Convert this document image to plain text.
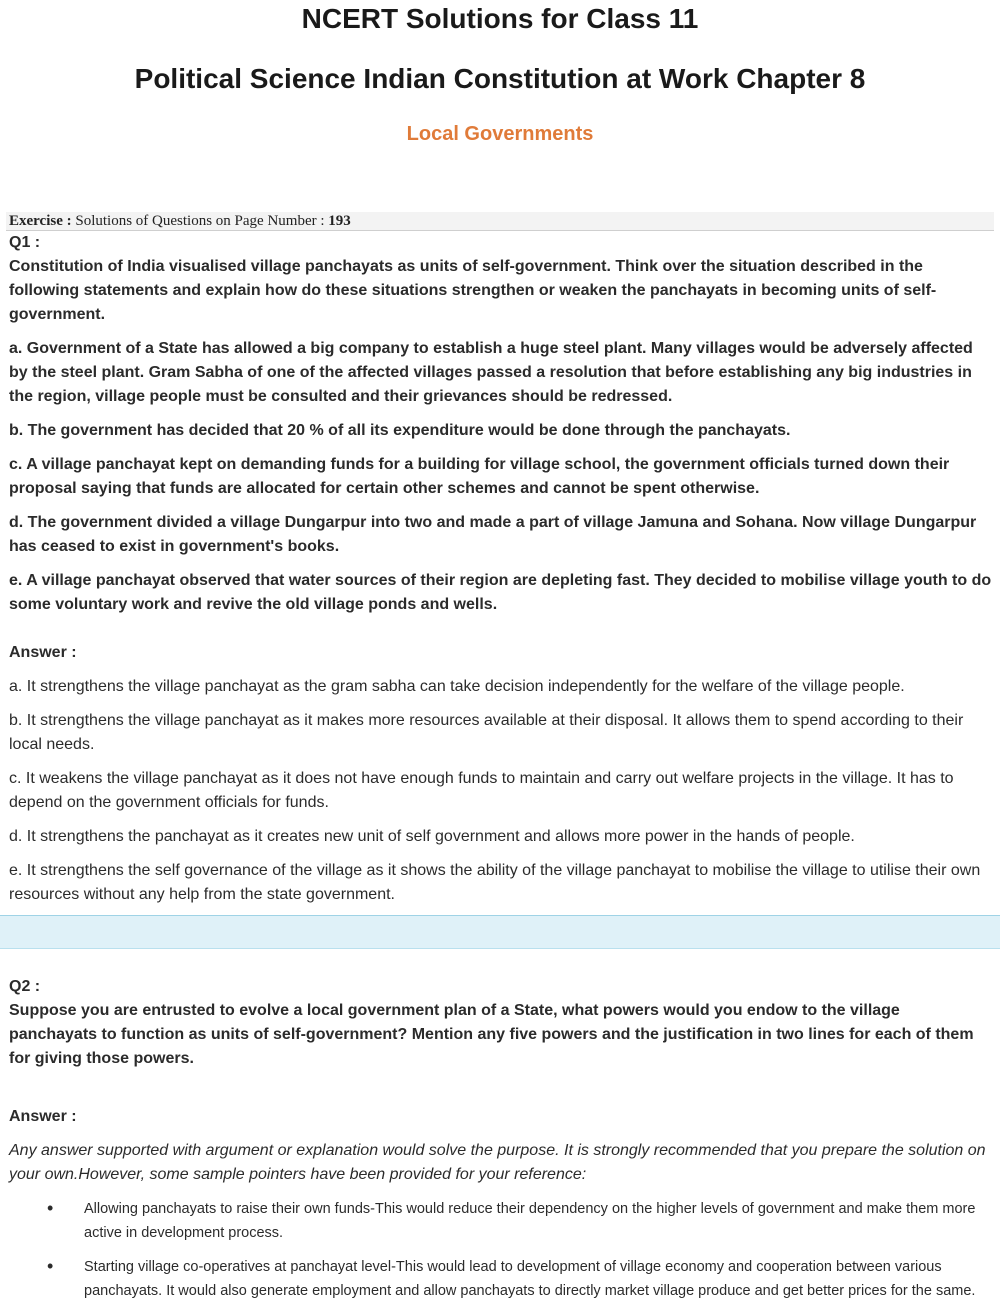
NCERT Solutions for Class 11
Political Science Indian Constitution at Work Chapter 8
Local Governments
Exercise : Solutions of Questions on Page Number : 193
Q1 :

Constitution of India visualised village panchayats as units of self-government. Think over the situation described in the following statements and explain how do these situations strengthen or weaken the panchayats in becoming units of self-government.

a. Government of a State has allowed a big company to establish a huge steel plant. Many villages would be adversely affected by the steel plant. Gram Sabha of one of the affected villages passed a resolution that before establishing any big industries in the region, village people must be consulted and their grievances should be redressed.

b. The government has decided that 20 % of all its expenditure would be done through the panchayats.

c. A village panchayat kept on demanding funds for a building for village school, the government officials turned down their proposal saying that funds are allocated for certain other schemes and cannot be spent otherwise.

d. The government divided a village Dungarpur into two and made a part of village Jamuna and Sohana. Now village Dungarpur has ceased to exist in government's books.

e. A village panchayat observed that water sources of their region are depleting fast. They decided to mobilise village youth to do some voluntary work and revive the old village ponds and wells.

Answer :

a. It strengthens the village panchayat as the gram sabha can take decision independently for the welfare of the village people.

b. It strengthens the village panchayat as it makes more resources available at their disposal. It allows them to spend according to their local needs.

c. It weakens the village panchayat as it does not have enough funds to maintain and carry out welfare projects in the village. It has to depend on the government officials for funds.

d. It strengthens the panchayat as it creates new unit of self government and allows more power in the hands of people.

e. It strengthens the self governance of the village as it shows the ability of the village panchayat to mobilise the village to utilise their own resources without any help from the state government.

Q2 :

Suppose you are entrusted to evolve a local government plan of a State, what powers would you endow to the village panchayats to function as units of self-government? Mention any five powers and the justification in two lines for each of them for giving those powers.

Answer :

Any answer supported with argument or explanation would solve the purpose. It is strongly recommended that you prepare the solution on your own.However, some sample pointers have been provided for your reference:

• Allowing panchayats to raise their own funds-This would reduce their dependency on the higher levels of government and make them more active in development process.
• Starting village co-operatives at panchayat level-This would lead to development of village economy and cooperation between various panchayats. It would also generate employment and allow panchayats to directly market village produce and get better prices for the same.
